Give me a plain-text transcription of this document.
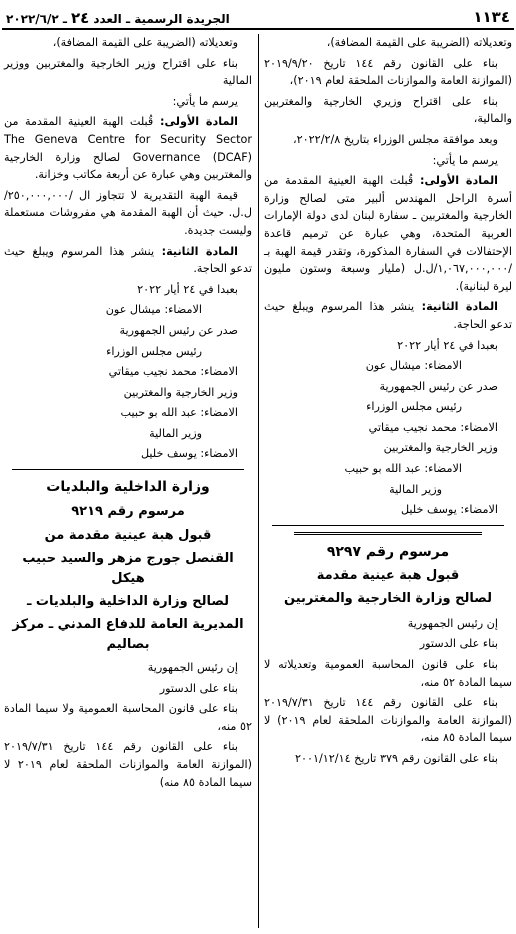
١١٣٤
الجريدة الرسمية ـ العدد٢٤ـ ٢٠٢٢/٦/٢

وتعديلاته (الضريبة على القيمة المضافة)،

بناء على القانون رقم ١٤٤ تاريخ ٢٠١٩/٩/٢٠ (الموازنة العامة والموازنات الملحقة لعام ٢٠١٩)،

بناء على اقتراح وزيري الخارجية والمغتربين والمالية،

وبعد موافقة مجلس الوزراء بتاريخ ٢٠٢٢/٢/٨،

يرسم ما يأتي:

المادة الأولى: قُبلت الهبة العينية المقدمة من أسرة الراحل المهندس ألبير متى لصالح وزارة الخارجية والمغتربين ـ سفارة لبنان لدى دولة الإمارات العربية المتحدة، وهي عبارة عن ترميم قاعدة الإحتفالات في السفارة المذكورة، وتقدر قيمة الهبة بـ /١,٠٦٧,٠٠٠,٠٠٠/ل.ل (مليار وسبعة وستون مليون ليرة لبنانية).

المادة الثانية: ينشر هذا المرسوم ويبلغ حيث تدعو الحاجة.

بعبدا في ٢٤ أيار ٢٠٢٢

الامضاء: ميشال عون

صدر عن رئيس الجمهورية

رئيس مجلس الوزراء

الامضاء: محمد نجيب ميقاتي

وزير الخارجية والمغتربين

الامضاء: عبد الله بو حبيب

وزير المالية

الامضاء: يوسف خليل

مرسوم رقم ٩٢٩٧

قبول هبة عينية مقدمة

لصالح وزارة الخارجية والمغتربين

إن رئيس الجمهورية

بناء على الدستور

بناء على قانون المحاسبة العمومية وتعديلاته لا سيما المادة ٥٢ منه،

بناء على القانون رقم ١٤٤ تاريخ ٢٠١٩/٧/٣١ (الموازنة العامة والموازنات الملحقة لعام ٢٠١٩) لا سيما المادة ٨٥ منه،

بناء على القانون رقم ٣٧٩ تاريخ ٢٠٠١/١٢/١٤

وتعديلاته (الضريبة على القيمة المضافة)،

بناء على اقتراح وزير الخارجية والمغتربين ووزير المالية

يرسم ما يأتي:

المادة الأولى: قُبلت الهبة العينية المقدمة من The Geneva Centre for Security Sector Governance (DCAF) لصالح وزارة الخارجية والمغتربين وهي عبارة عن أربعة مكاتب وخزانة.

قيمة الهبة التقديرية لا تتجاوز ال /٢٥٠,٠٠٠,٠٠٠/ ل.ل. حيث أن الهبة المقدمة هي مفروشات مستعملة وليست جديدة.

المادة الثانية: ينشر هذا المرسوم ويبلغ حيث تدعو الحاجة.

بعبدا في ٢٤ أيار ٢٠٢٢

الامضاء: ميشال عون

صدر عن رئيس الجمهورية

رئيس مجلس الوزراء

الامضاء: محمد نجيب ميقاتي

وزير الخارجية والمغتربين

الامضاء: عبد الله بو حبيب

وزير المالية

الامضاء: يوسف خليل

وزارة الداخلية والبلديات

مرسوم رقم ٩٢١٩

قبول هبة عينية مقدمة من

القنصل جورج مزهر والسيد حبيب هيكل

لصالح وزارة الداخلية والبلديات ـ

المديرية العامة للدفاع المدني ـ مركز بصاليم

إن رئيس الجمهورية

بناء على الدستور

بناء على قانون المحاسبة العمومية ولا سيما المادة ٥٢ منه،

بناء على القانون رقم ١٤٤ تاريخ ٢٠١٩/٧/٣١ (الموازنة العامة والموازنات الملحقة لعام ٢٠١٩ لا سيما المادة ٨٥ منه)
